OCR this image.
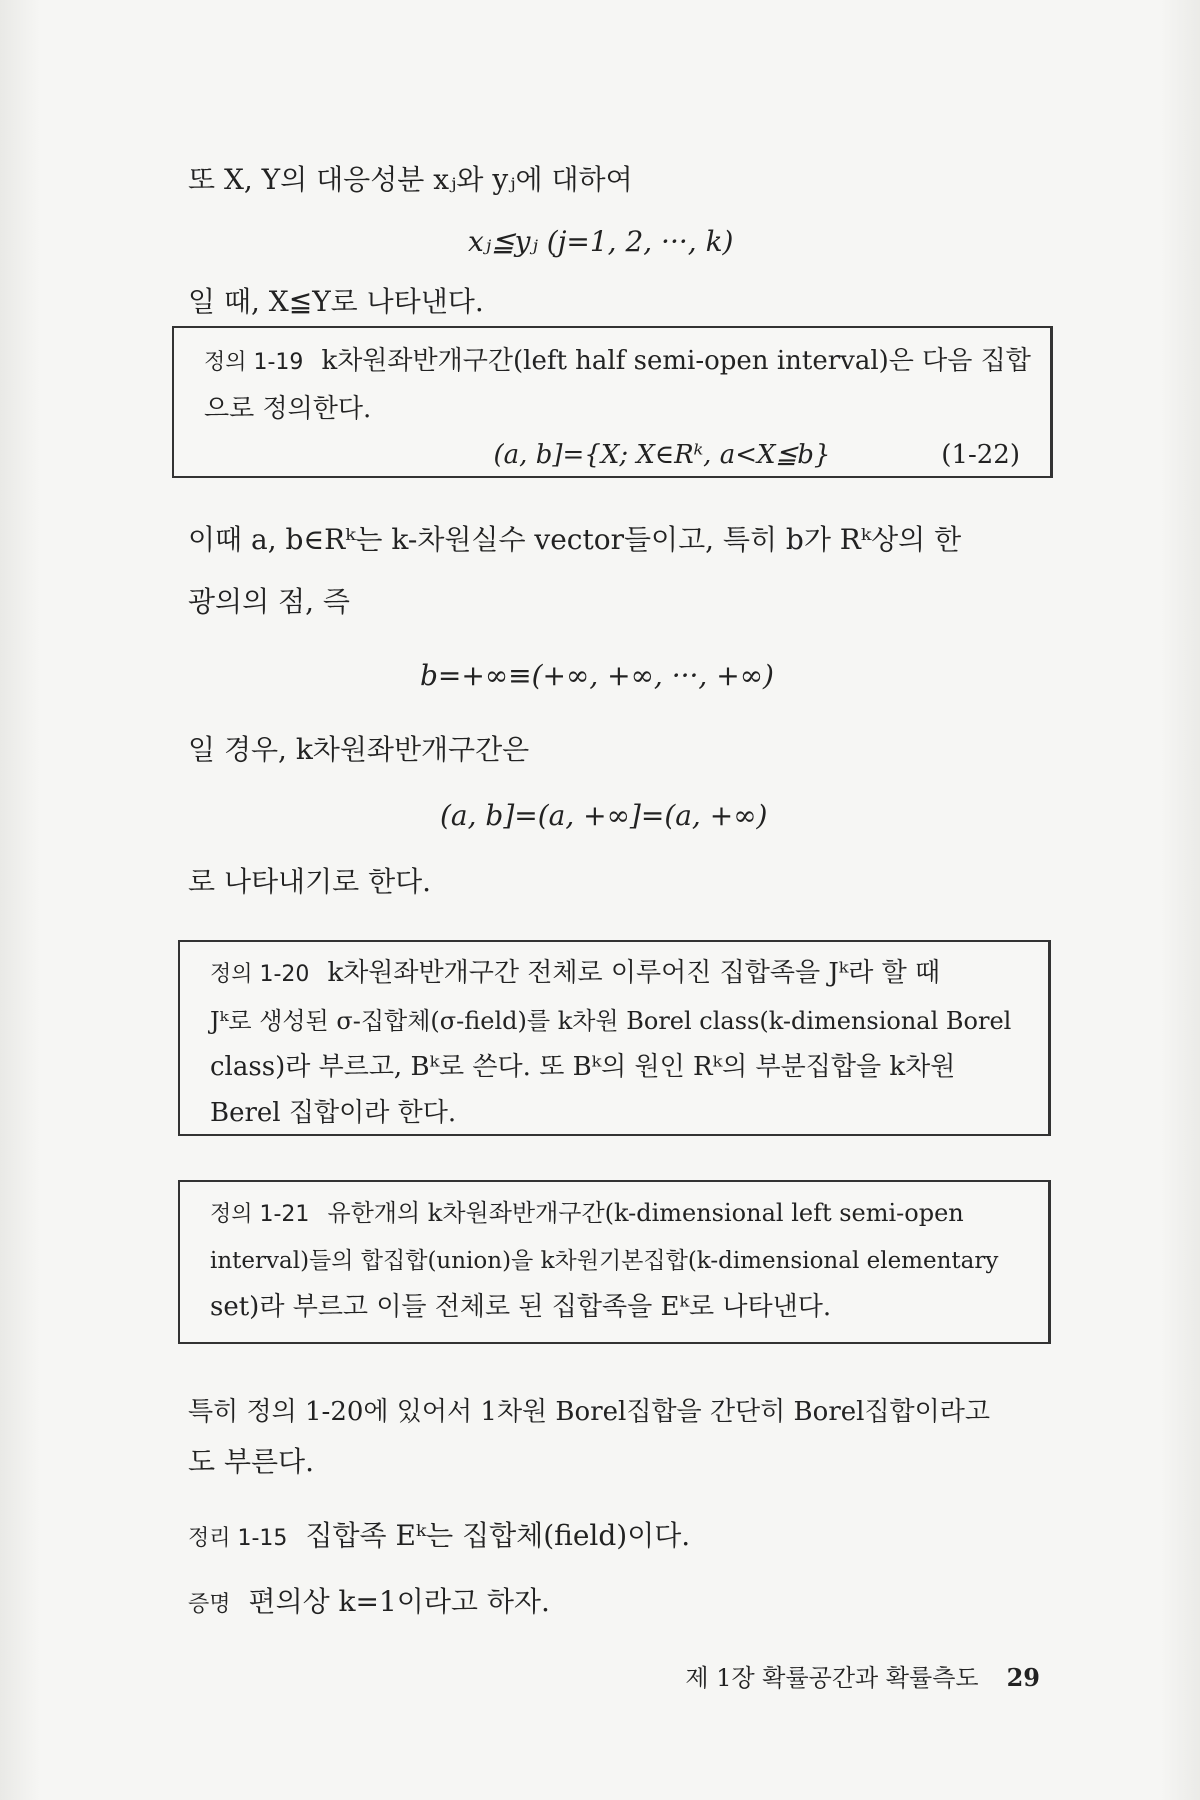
또 X, Y의 대응성분 xⱼ와 yⱼ에 대하여
xⱼ≦yⱼ (j=1, 2, ···, k)
일 때, X≦Y로 나타낸다.
정의 1-19 k차원좌반개구간(left half semi-open interval)은 다음 집합
으로 정의한다.
(a, b]={X; X∈Rᵏ, a<X≦b}	(1-22)
이때 a, b∈Rᵏ는 k-차원실수 vector들이고, 특히 b가 Rᵏ상의 한
광의의 점, 즉
b=+∞≡(+∞, +∞, ···, +∞)
일 경우, k차원좌반개구간은
(a, b]=(a, +∞]=(a, +∞)
로 나타내기로 한다.
정의 1-20 k차원좌반개구간 전체로 이루어진 집합족을 Jᵏ라 할 때
Jᵏ로 생성된 σ-집합체(σ-field)를 k차원 Borel class(k-dimensional Borel
class)라 부르고, Bᵏ로 쓴다. 또 Bᵏ의 원인 Rᵏ의 부분집합을 k차원
Berel 집합이라 한다.
정의 1-21 유한개의 k차원좌반개구간(k-dimensional left semi-open
interval)들의 합집합(union)을 k차원기본집합(k-dimensional elementary
set)라 부르고 이들 전체로 된 집합족을 Eᵏ로 나타낸다.
특히 정의 1-20에 있어서 1차원 Borel집합을 간단히 Borel집합이라고
도 부른다.
정리 1-15 집합족 Eᵏ는 집합체(field)이다.
증명 편의상 k=1이라고 하자.
제 1장 확률공간과 확률측도 29
